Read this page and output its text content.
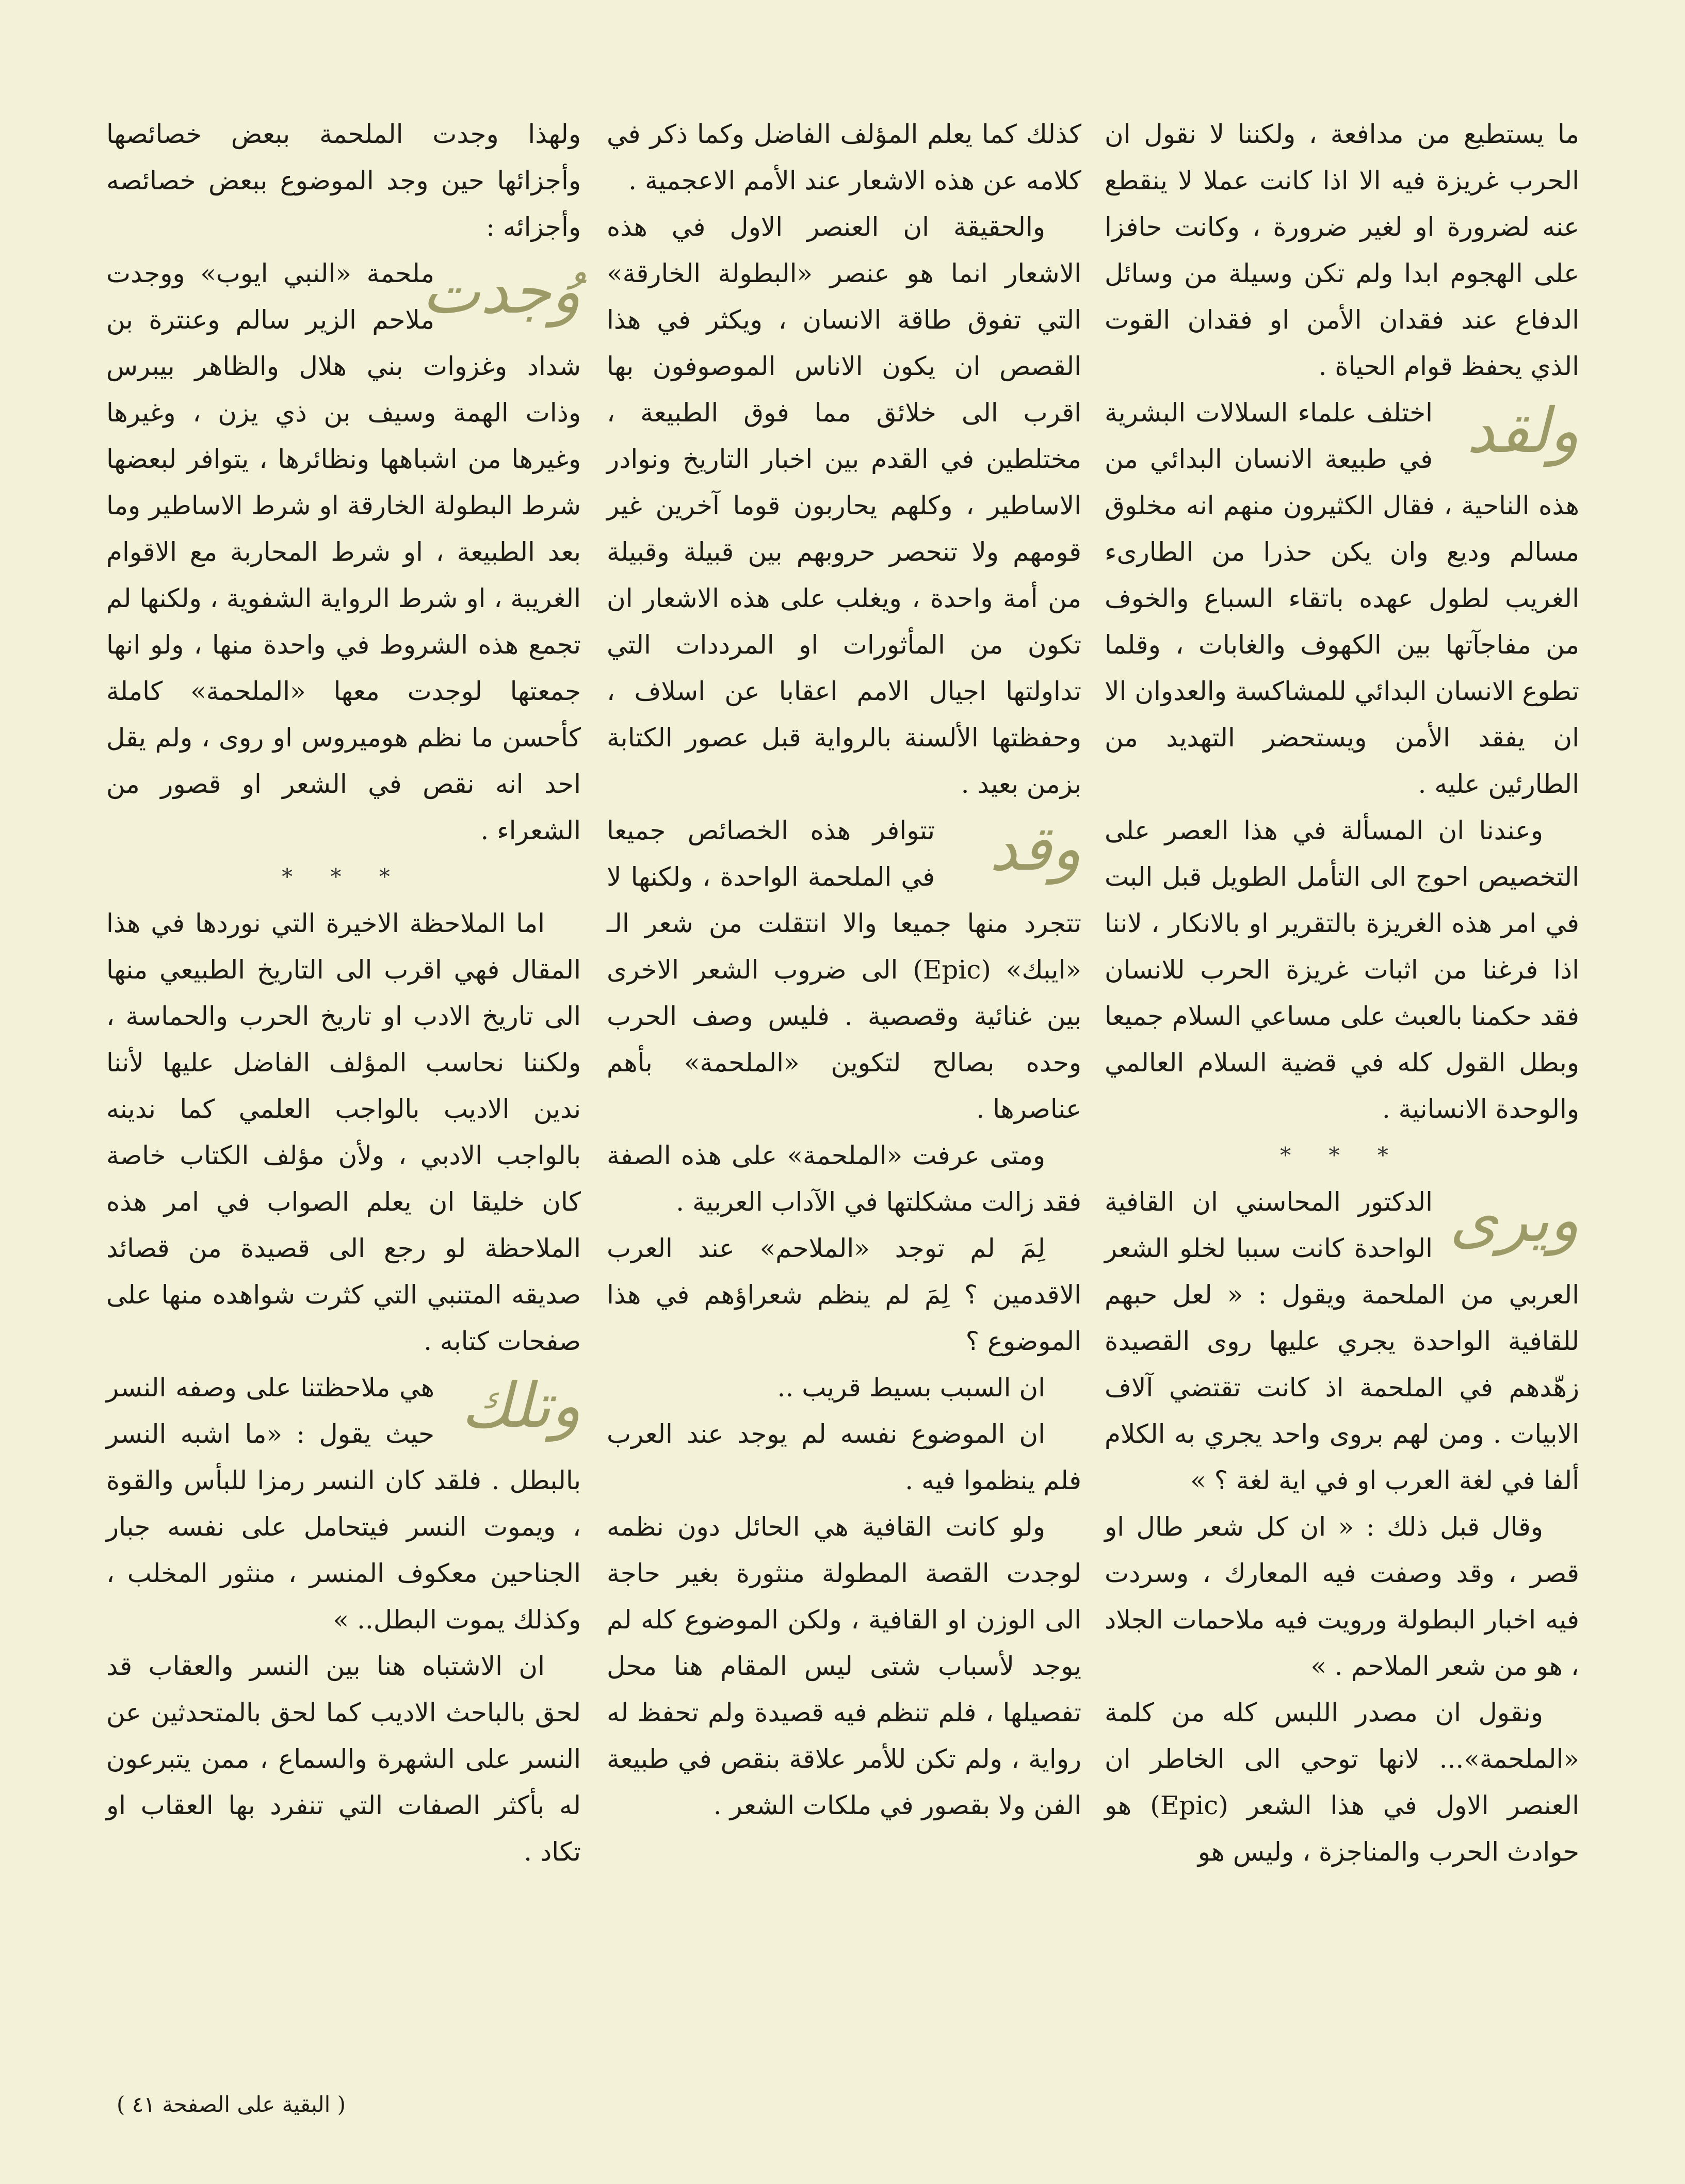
ما يستطيع من مدافعة ، ولكننا لا نقول ان الحرب غريزة فيه الا اذا كانت عملا لا ينقطع عنه لضرورة او لغير ضرورة ، وكانت حافزا على الهجوم ابدا ولم تكن وسيلة من وسائل الدفاع عند فقدان الأمن او فقدان القوت الذي يحفظ قوام الحياة .

ولقد
اختلف علماء السلالات البشرية في طبيعة الانسان البدائي من هذه الناحية ، فقال الكثيرون منهم انه مخلوق مسالم وديع وان يكن حذرا من الطارىء الغريب لطول عهده باتقاء السباع والخوف من مفاجآتها بين الكهوف والغابات ، وقلما تطوع الانسان البدائي للمشاكسة والعدوان الا ان يفقد الأمن ويستحضر التهديد من الطارئين عليه .

وعندنا ان المسألة في هذا العصر على التخصيص احوج الى التأمل الطويل قبل البت في امر هذه الغريزة بالتقرير او بالانكار ، لاننا اذا فرغنا من اثبات غريزة الحرب للانسان فقد حكمنا بالعبث على مساعي السلام جميعا وبطل القول كله في قضية السلام العالمي والوحدة الانسانية .

* * *

ويرى
الدكتور المحاسني ان القافية الواحدة كانت سببا لخلو الشعر العربي من الملحمة ويقول : « لعل حبهم للقافية الواحدة يجري عليها روى القصيدة زهّدهم في الملحمة اذ كانت تقتضي آلاف الابيات . ومن لهم بروى واحد يجري به الكلام ألفا في لغة العرب او في اية لغة ؟ »

وقال قبل ذلك : « ان كل شعر طال او قصر ، وقد وصفت فيه المعارك ، وسردت فيه اخبار البطولة ورويت فيه ملاحمات الجلاد ، هو من شعر الملاحم . »

ونقول ان مصدر اللبس كله من كلمة «الملحمة»... لانها توحي الى الخاطر ان العنصر الاول في هذا الشعر (Epic) هو حوادث الحرب والمناجزة ، وليس هو

كذلك كما يعلم المؤلف الفاضل وكما ذكر في كلامه عن هذه الاشعار عند الأمم الاعجمية .

والحقيقة ان العنصر الاول في هذه الاشعار انما هو عنصر «البطولة الخارقة» التي تفوق طاقة الانسان ، ويكثر في هذا القصص ان يكون الاناس الموصوفون بها اقرب الى خلائق مما فوق الطبيعة ، مختلطين في القدم بين اخبار التاريخ ونوادر الاساطير ، وكلهم يحاربون قوما آخرين غير قومهم ولا تنحصر حروبهم بين قبيلة وقبيلة من أمة واحدة ، ويغلب على هذه الاشعار ان تكون من المأثورات او المرددات التي تداولتها اجيال الامم اعقابا عن اسلاف ، وحفظتها الألسنة بالرواية قبل عصور الكتابة بزمن بعيد .

وقد
تتوافر هذه الخصائص جميعا في الملحمة الواحدة ، ولكنها لا تتجرد منها جميعا والا انتقلت من شعر الـ «ايبك» (Epic) الى ضروب الشعر الاخرى بين غنائية وقصصية . فليس وصف الحرب وحده بصالح لتكوين «الملحمة» بأهم عناصرها .

ومتى عرفت «الملحمة» على هذه الصفة فقد زالت مشكلتها في الآداب العربية .

لِمَ لم توجد «الملاحم» عند العرب الاقدمين ؟ لِمَ لم ينظم شعراؤهم في هذا الموضوع ؟

ان السبب بسيط قريب ..

ان الموضوع نفسه لم يوجد عند العرب فلم ينظموا فيه .

ولو كانت القافية هي الحائل دون نظمه لوجدت القصة المطولة منثورة بغير حاجة الى الوزن او القافية ، ولكن الموضوع كله لم يوجد لأسباب شتى ليس المقام هنا محل تفصيلها ، فلم تنظم فيه قصيدة ولم تحفظ له رواية ، ولم تكن للأمر علاقة بنقص في طبيعة الفن ولا بقصور في ملكات الشعر .

ولهذا وجدت الملحمة ببعض خصائصها وأجزائها حين وجد الموضوع ببعض خصائصه وأجزائه :

وُجدت
ملحمة «النبي ايوب» ووجدت ملاحم الزير سالم وعنترة بن شداد وغزوات بني هلال والظاهر بيبرس وذات الهمة وسيف بن ذي يزن ، وغيرها وغيرها من اشباهها ونظائرها ، يتوافر لبعضها شرط البطولة الخارقة او شرط الاساطير وما بعد الطبيعة ، او شرط المحاربة مع الاقوام الغريبة ، او شرط الرواية الشفوية ، ولكنها لم تجمع هذه الشروط في واحدة منها ، ولو انها جمعتها لوجدت معها «الملحمة» كاملة كأحسن ما نظم هوميروس او روى ، ولم يقل احد انه نقص في الشعر او قصور من الشعراء .

* * *

اما الملاحظة الاخيرة التي نوردها في هذا المقال فهي اقرب الى التاريخ الطبيعي منها الى تاريخ الادب او تاريخ الحرب والحماسة ، ولكننا نحاسب المؤلف الفاضل عليها لأننا ندين الاديب بالواجب العلمي كما ندينه بالواجب الادبي ، ولأن مؤلف الكتاب خاصة كان خليقا ان يعلم الصواب في امر هذه الملاحظة لو رجع الى قصيدة من قصائد صديقه المتنبي التي كثرت شواهده منها على صفحات كتابه .

وتلك
هي ملاحظتنا على وصفه النسر حيث يقول : «ما اشبه النسر بالبطل . فلقد كان النسر رمزا للبأس والقوة ، ويموت النسر فيتحامل على نفسه جبار الجناحين معكوف المنسر ، منثور المخلب ، وكذلك يموت البطل.. »

ان الاشتباه هنا بين النسر والعقاب قد لحق بالباحث الاديب كما لحق بالمتحدثين عن النسر على الشهرة والسماع ، ممن يتبرعون له بأكثر الصفات التي تنفرد بها العقاب او تكاد .

( البقية على الصفحة ٤١ )
